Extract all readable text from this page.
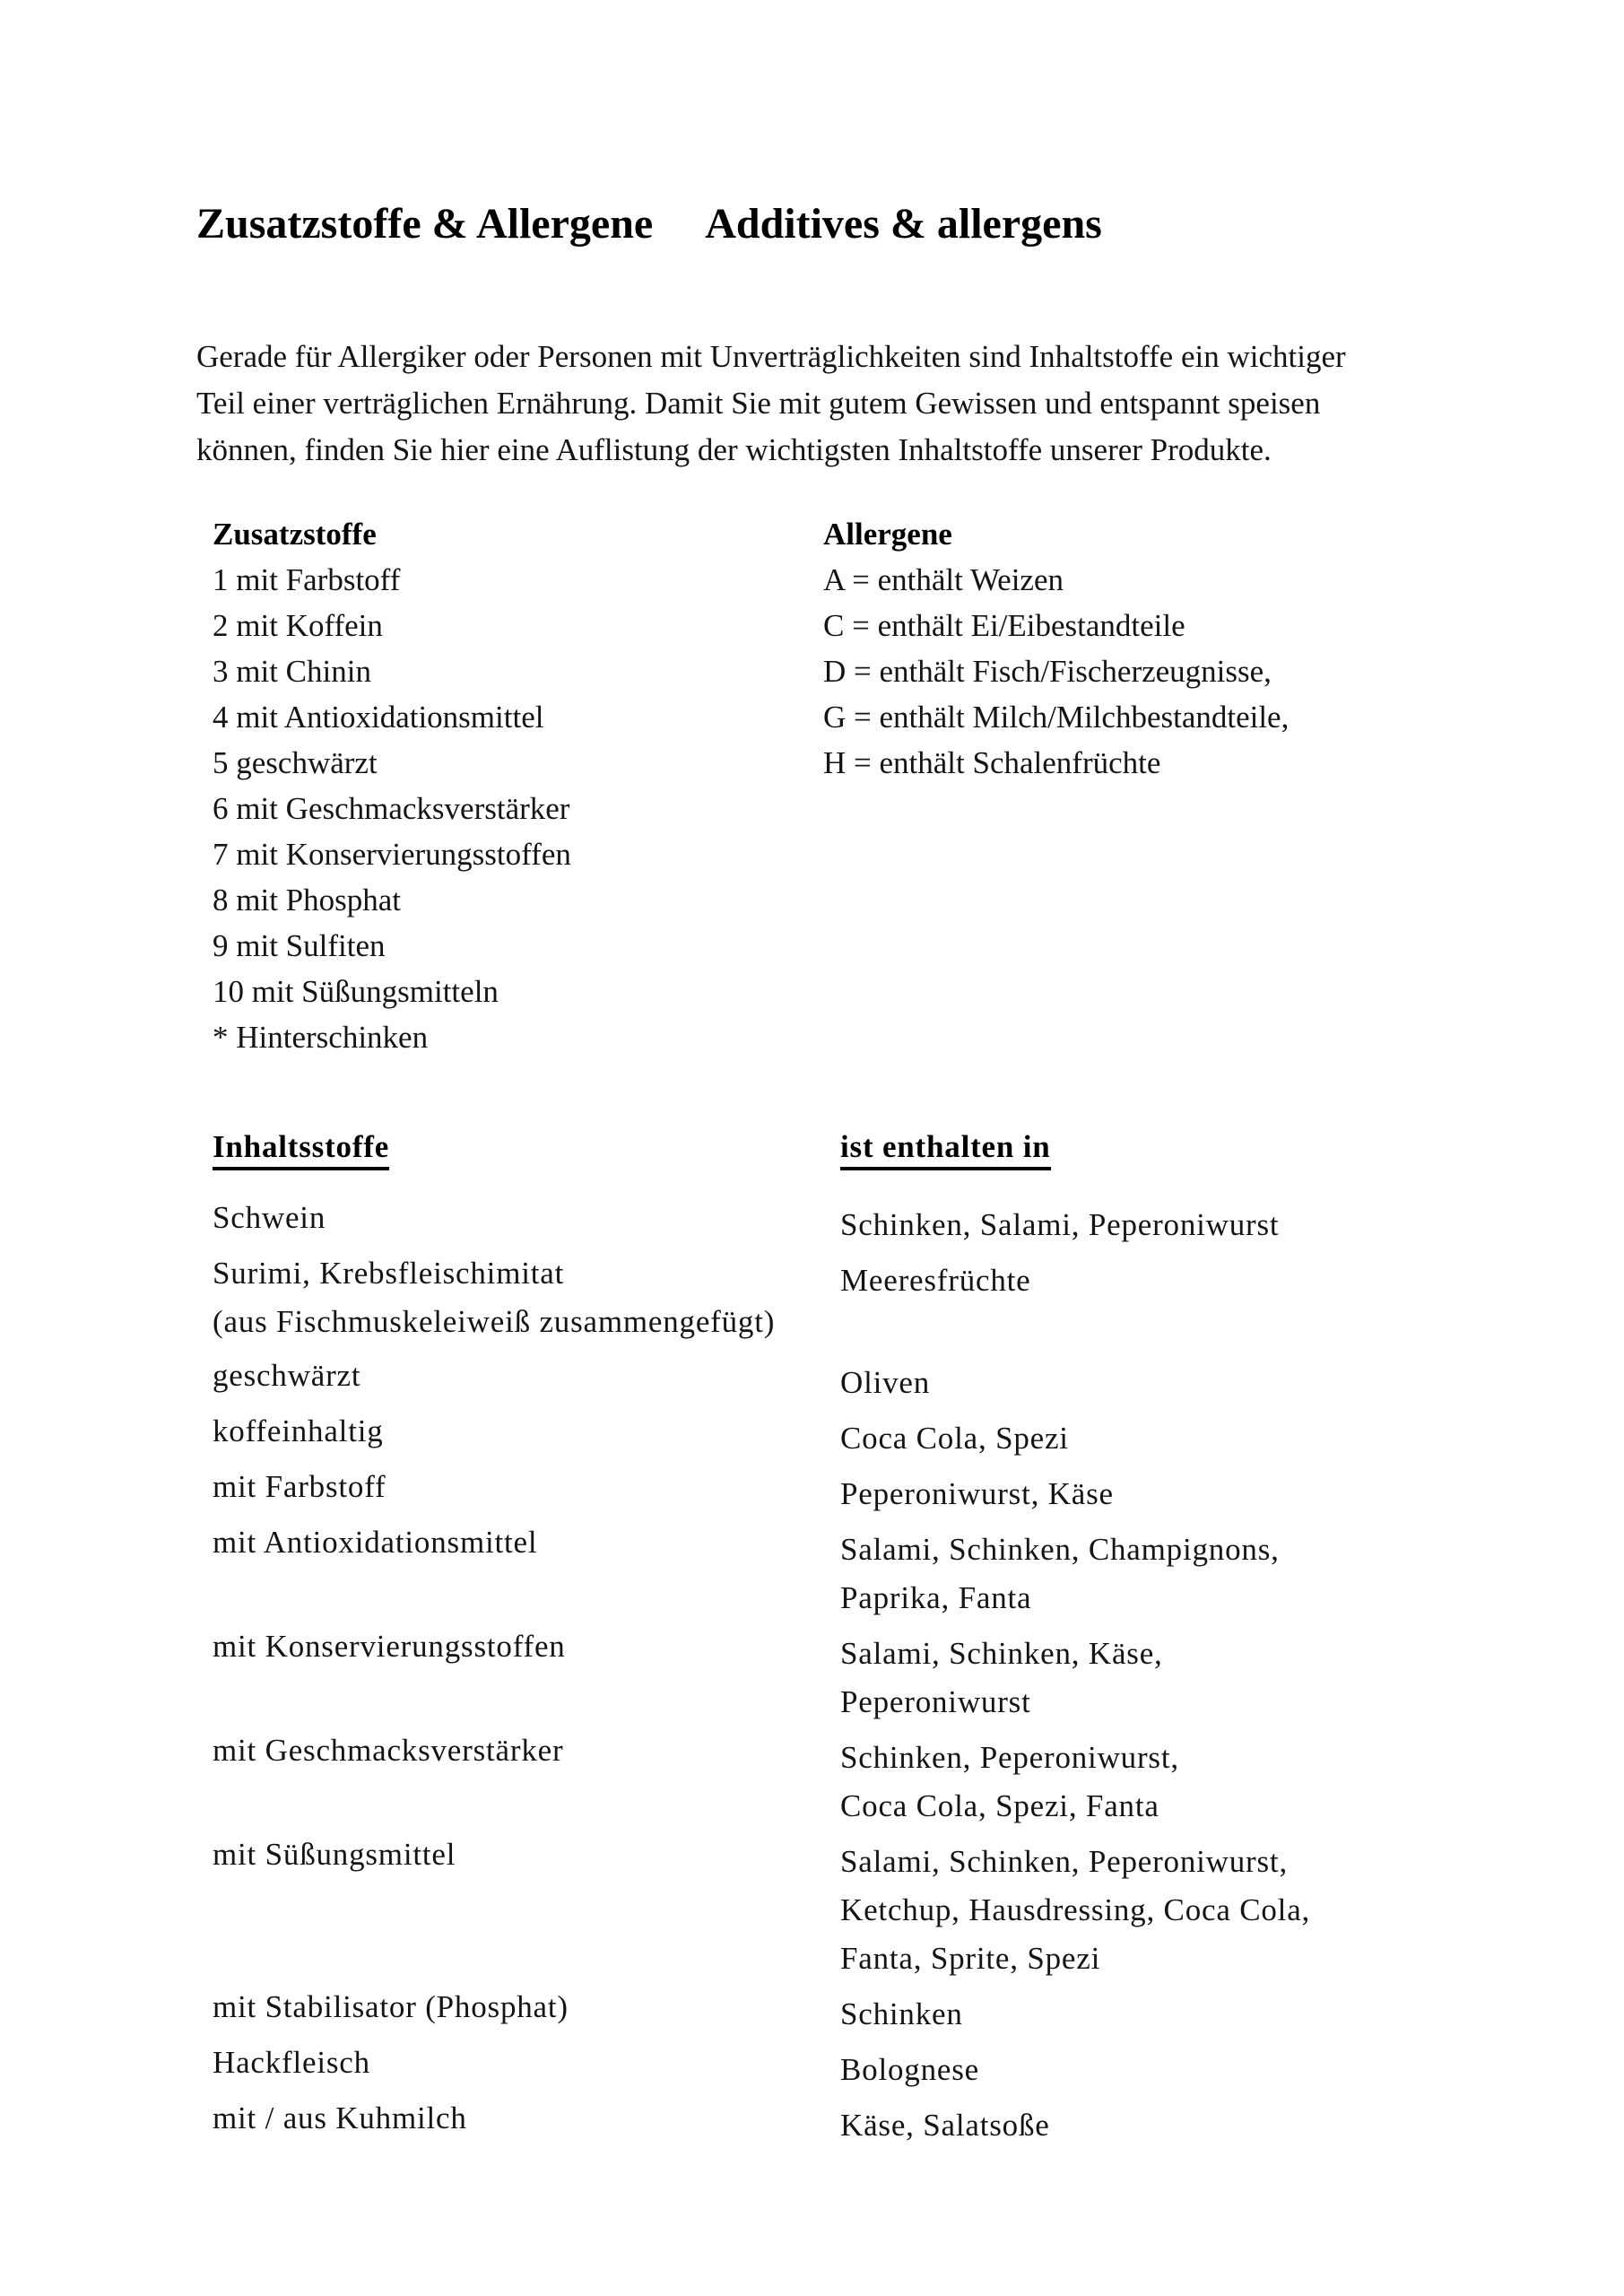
Zusatzstoffe & Allergene Additives & allergens
Gerade für Allergiker oder Personen mit Unverträglichkeiten sind Inhaltstoffe ein wichtiger
Teil einer verträglichen Ernährung. Damit Sie mit gutem Gewissen und entspannt speisen
können, finden Sie hier eine Auflistung der wichtigsten Inhaltstoffe unserer Produkte.
Zusatzstoffe
1 mit Farbstoff
2 mit Koffein
3 mit Chinin
4 mit Antioxidationsmittel
5 geschwärzt
6 mit Geschmacksverstärker
7 mit Konservierungsstoffen
8 mit Phosphat
9 mit Sulfiten
10 mit Süßungsmitteln
* Hinterschinken
Allergene
A = enthält Weizen
C = enthält Ei/Eibestandteile
D = enthält Fisch/Fischerzeugnisse,
G = enthält Milch/Milchbestandteile,
H = enthält Schalenfrüchte
Inhaltsstoffe	ist enthalten in
Schwein	Schinken, Salami, Peperoniwurst
Surimi, Krebsfleischimitat
(aus Fischmuskeleiweiß zusammengefügt)
Meeresfrüchte
geschwärzt	Oliven
koffeinhaltig	Coca Cola, Spezi
mit Farbstoff	Peperoniwurst, Käse
mit Antioxidationsmittel	Salami, Schinken, Champignons,
Paprika, Fanta
mit Konservierungsstoffen	Salami, Schinken, Käse,
Peperoniwurst
mit Geschmacksverstärker	Schinken, Peperoniwurst,
Coca Cola, Spezi, Fanta
mit Süßungsmittel	Salami, Schinken, Peperoniwurst,
Ketchup, Hausdressing, Coca Cola,
Fanta, Sprite, Spezi
mit Stabilisator (Phosphat)	Schinken
Hackfleisch	Bolognese
mit / aus Kuhmilch	Käse, Salatsoße
